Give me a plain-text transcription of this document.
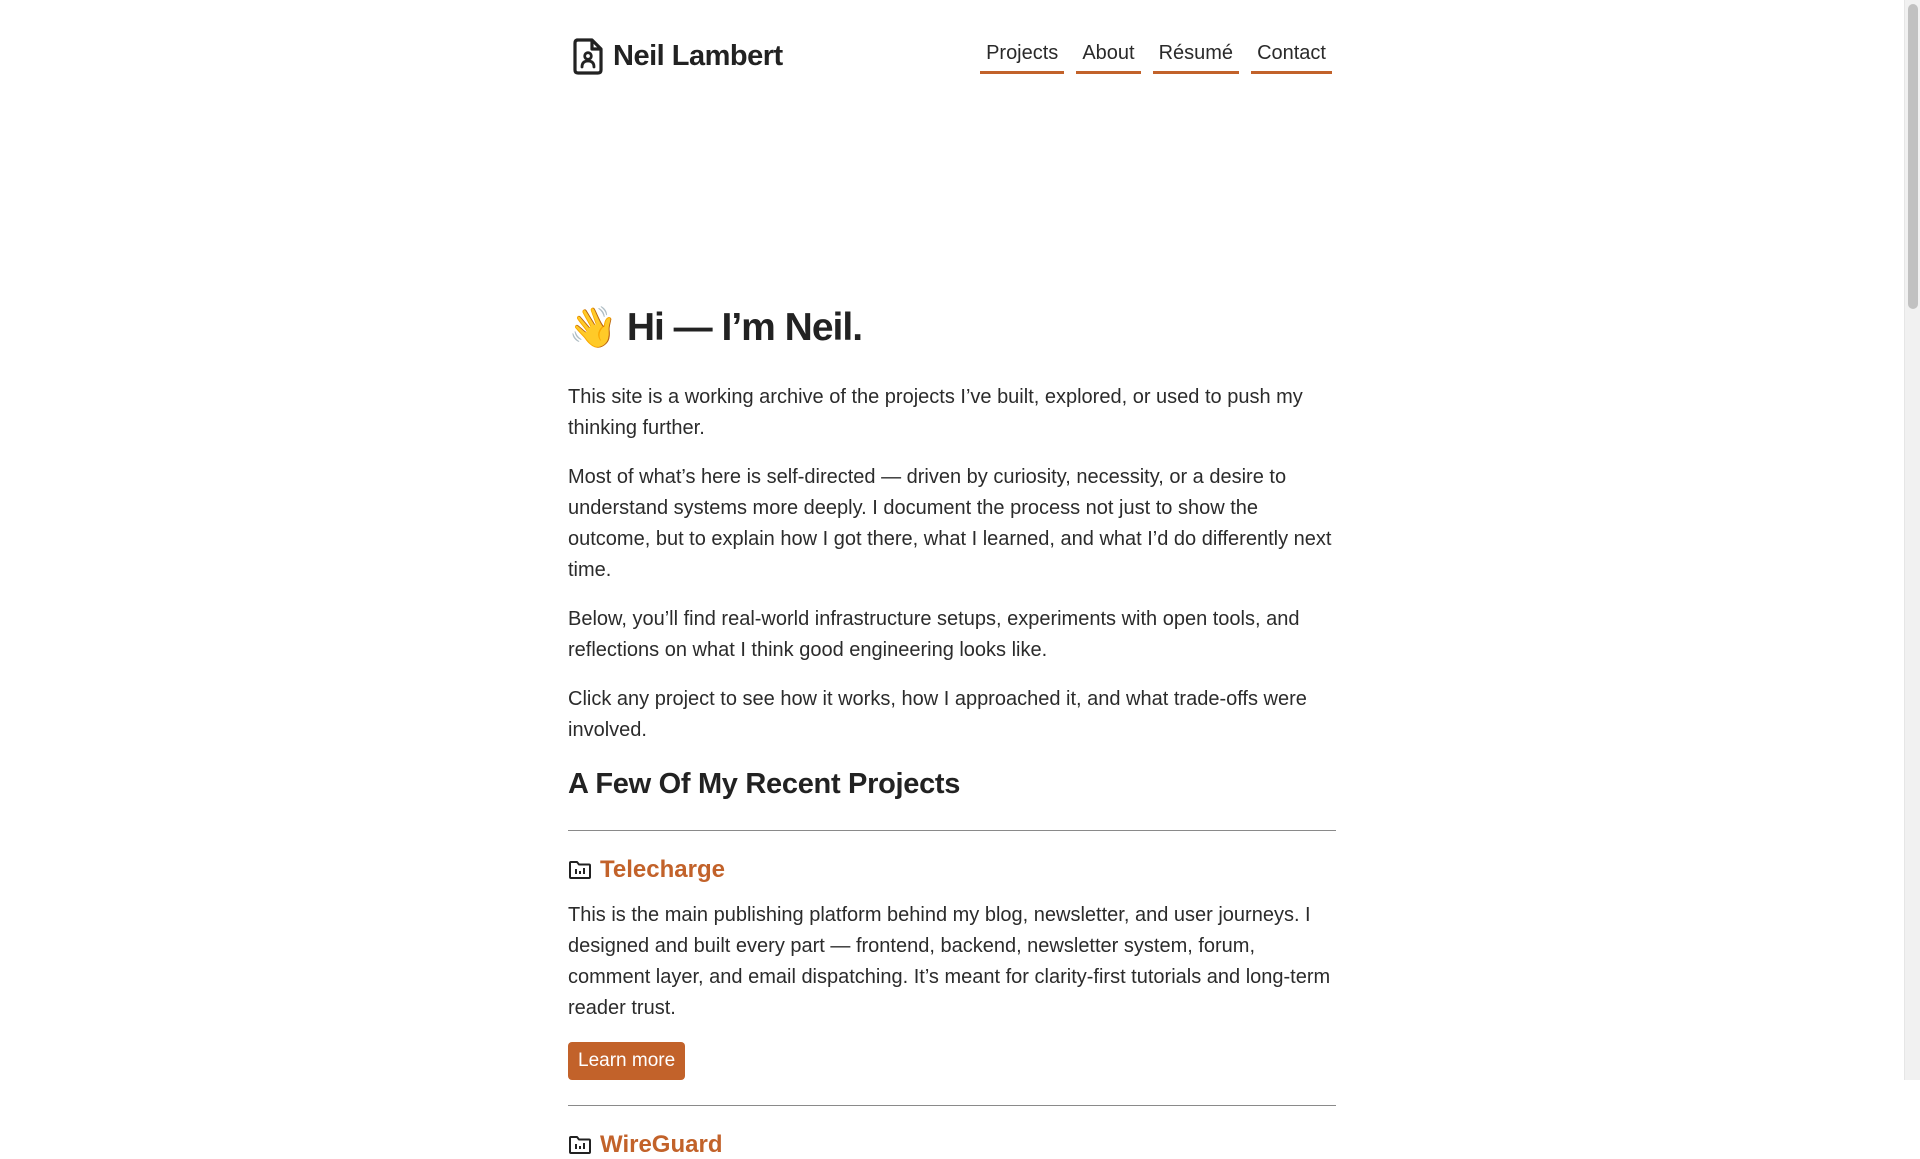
Neil Lambert	Projects	About	Résumé	Contact
👋 Hi — I’m Neil.

This site is a working archive of the projects I’ve built, explored, or used to push my thinking further.

Most of what’s here is self-directed — driven by curiosity, necessity, or a desire to understand systems more deeply. I document the process not just to show the outcome, but to explain how I got there, what I learned, and what I’d do differently next time.

Below, you’ll find real-world infrastructure setups, experiments with open tools, and reflections on what I think good engineering looks like.

Click any project to see how it works, how I approached it, and what trade-offs were involved.

A Few Of My Recent Projects
Telecharge

This is the main publishing platform behind my blog, newsletter, and user journeys. I designed and built every part — frontend, backend, newsletter system, forum, comment layer, and email dispatching. It’s meant for clarity-first tutorials and long-term reader trust.

Learn more
WireGuard
